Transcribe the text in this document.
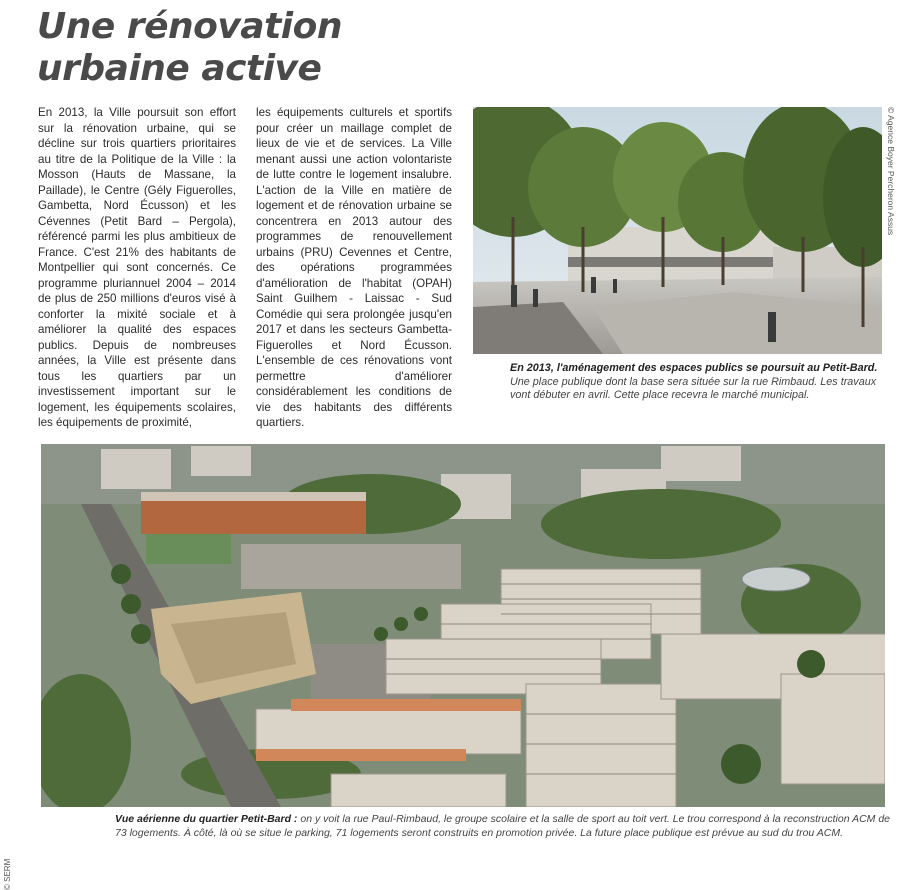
Une rénovation
urbaine active

En 2013, la Ville poursuit son effort sur la rénovation urbaine, qui se décline sur trois quartiers prioritaires au titre de la Politique de la Ville : la Mosson (Hauts de Massane, la Paillade), le Centre (Gély Figuerolles, Gambetta, Nord Écusson) et les Cévennes (Petit Bard – Pergola), référencé parmi les plus ambitieux de France. C'est 21% des habitants de Montpellier qui sont concernés. Ce programme pluriannuel 2004 – 2014 de plus de 250 millions d'euros visé à conforter la mixité sociale et à améliorer la qualité des espaces publics. Depuis de nombreuses années, la Ville est présente dans tous les quartiers par un investissement important sur le logement, les équipements scolaires, les équipements de proximité,

les équipements culturels et sportifs pour créer un maillage complet de lieux de vie et de services. La Ville menant aussi une action volontariste de lutte contre le logement insalubre. L'action de la Ville en matière de logement et de rénovation urbaine se concentrera en 2013 autour des programmes de renouvellement urbains (PRU) Cevennes et Centre, des opérations programmées d'amélioration de l'habitat (OPAH) Saint Guilhem - Laissac - Sud Comédie qui sera prolongée jusqu'en 2017 et dans les secteurs Gambetta-Figuerolles et Nord Écusson. L'ensemble de ces rénovations vont permettre d'améliorer considérablement les conditions de vie des habitants des différents quartiers.

© Agence Boyer Percheron Assus
En 2013, l'aménagement des espaces publics se poursuit au Petit-Bard. Une place publique dont la base sera située sur la rue Rimbaud. Les travaux vont débuter en avril. Cette place recevra le marché municipal.
© SERM
Vue aérienne du quartier Petit-Bard : on y voit la rue Paul-Rimbaud, le groupe scolaire et la salle de sport au toit vert. Le trou correspond à la reconstruction ACM de 73 logements. À côté, là où se situe le parking, 71 logements seront construits en promotion privée. La future place publique est prévue au sud du trou ACM.
